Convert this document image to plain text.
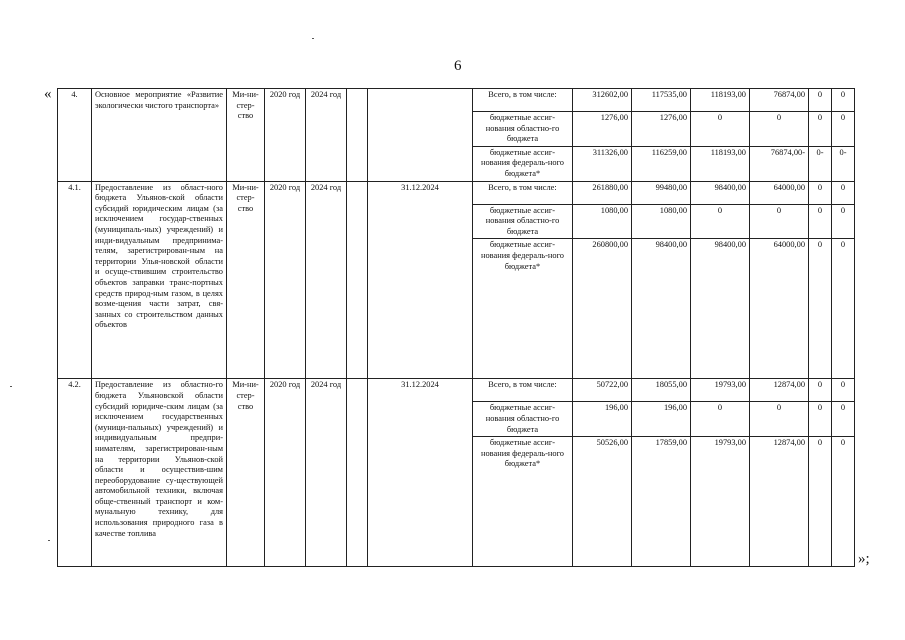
6
«
»;
4.	Основное мероприятие «Развитие экологически чистого транспорта»	Ми-ни-стер-ство	2020 год	2024 год			Всего, в том числе:	312602,00	117535,00	118193,00	76874,00	0	0
							бюджетные ассиг-нования областно-го бюджета	1276,00	1276,00	0	0	0	0
							бюджетные ассиг-нования федераль-ного бюджета*	311326,00	116259,00	118193,00	76874,00-	0-	0-
4.1.	Предоставление из област-ного бюджета Ульянов-ской области субсидий юридическим лицам (за исключением государ-ственных (муниципаль-ных) учреждений) и инди-видуальным предпринима-телям, зарегистрирован-ным на территории Улья-новской области и осуще-ствившим строительство объектов заправки транс-портных средств природ-ным газом, в целях возме-щения части затрат, свя-занных со строительством данных объектов	Ми-ни-стер-ство	2020 год	2024 год		31.12.2024	Всего, в том числе:	261880,00	99480,00	98400,00	64000,00	0	0
							бюджетные ассиг-нования областно-го бюджета	1080,00	1080,00	0	0	0	0
							бюджетные ассиг-нования федераль-ного бюджета*	260800,00	98400,00	98400,00	64000,00	0	0
4.2.	Предоставление из областно-го бюджета Ульяновской области субсидий юридиче-ским лицам (за исключением государственных (муници-пальных) учреждений) и индивидуальным предпри-нимателям, зарегистрирован-ным на территории Ульянов-ской области и осуществив-шим переоборудование су-ществующей автомобильной техники, включая обще-ственный транспорт и ком-мунальную технику, для использования природного газа в качестве топлива	Ми-ни-стер-ство	2020 год	2024 год		31.12.2024	Всего, в том числе:	50722,00	18055,00	19793,00	12874,00	0	0
							бюджетные ассиг-нования областно-го бюджета	196,00	196,00	0	0	0	0
							бюджетные ассиг-нования федераль-ного бюджета*	50526,00	17859,00	19793,00	12874,00	0	0
